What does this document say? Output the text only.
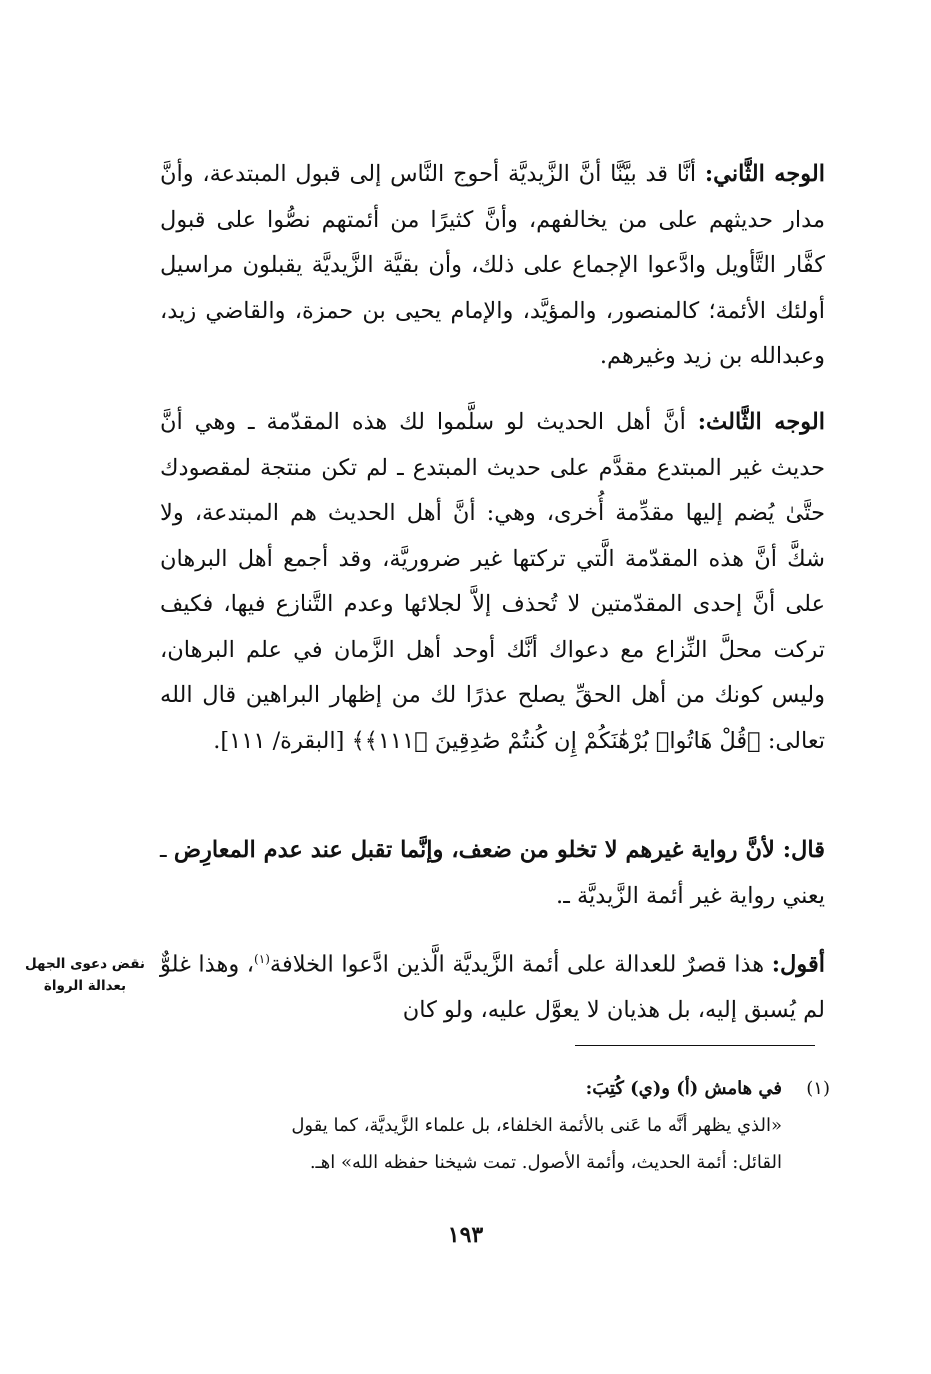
الوجه الثَّاني: أنَّا قد بيَّنَّا أنَّ الزَّيديَّة أحوج النَّاس إلى قبول المبتدعة، وأنَّ مدار حديثهم على من يخالفهم، وأنَّ كثيرًا من أئمتهم نصُّوا على قبول كفَّار التَّأويل وادَّعوا الإجماع على ذلك، وأن بقيَّة الزَّيديَّة يقبلون مراسيل أولئك الأئمة؛ كالمنصور، والمؤيَّد، والإمام يحيى بن حمزة، والقاضي زيد، وعبدالله بن زيد وغيرهم.

الوجه الثَّالث: أنَّ أهل الحديث لو سلَّموا لك هذه المقدّمة ـ وهي أنَّ حديث غير المبتدع مقدَّم على حديث المبتدع ـ لم تكن منتجة لمقصودك حتَّىٰ يُضم إليها مقدِّمة أُخرى، وهي: أنَّ أهل الحديث هم المبتدعة، ولا شكَّ أنَّ هذه المقدّمة الَّتي تركتها غير ضروريَّة، وقد أجمع أهل البرهان على أنَّ إحدى المقدّمتين لا تُحذف إلاَّ لجلائها وعدم التَّنازع فيها، فكيف تركت محلَّ النِّزاع مع دعواك أنَّك أوحد أهل الزَّمان في علم البرهان، وليس كونك من أهل الحقِّ يصلح عذرًا لك من إظهار البراهين قال الله تعالى: ﴿قُلْ هَاتُوا۟ بُرْهَٰنَكُمْ إِن كُنتُمْ صَٰدِقِينَ ﴿١١١﴾﴾ [البقرة/ ١١١].

قال: لأنَّ رواية غيرهم لا تخلو من ضعف، وإنَّما تقبل عند عدم المعارِض ـ يعني رواية غير أئمة الزَّيديَّة ـ.

أقول: هذا قصرٌ للعدالة على أئمة الزَّيديَّة الَّذين ادَّعوا الخلافة$^{(١)}$، وهذا غلوٌّ لم يُسبق إليه، بل هذيان لا يعوَّل عليه، ولو كان

نقض دعوى الجهل بعدالة الرواة
(١)في هامش (أ) و(ي) كُتِبَ:
«الذي يظهر أنَّه ما عَنى بالأئمة الخلفاء، بل علماء الزَّيديَّة، كما يقول
القائل: أئمة الحديث، وأئمة الأصول. تمت شيخنا حفظه الله» اهـ.
١٩٣
